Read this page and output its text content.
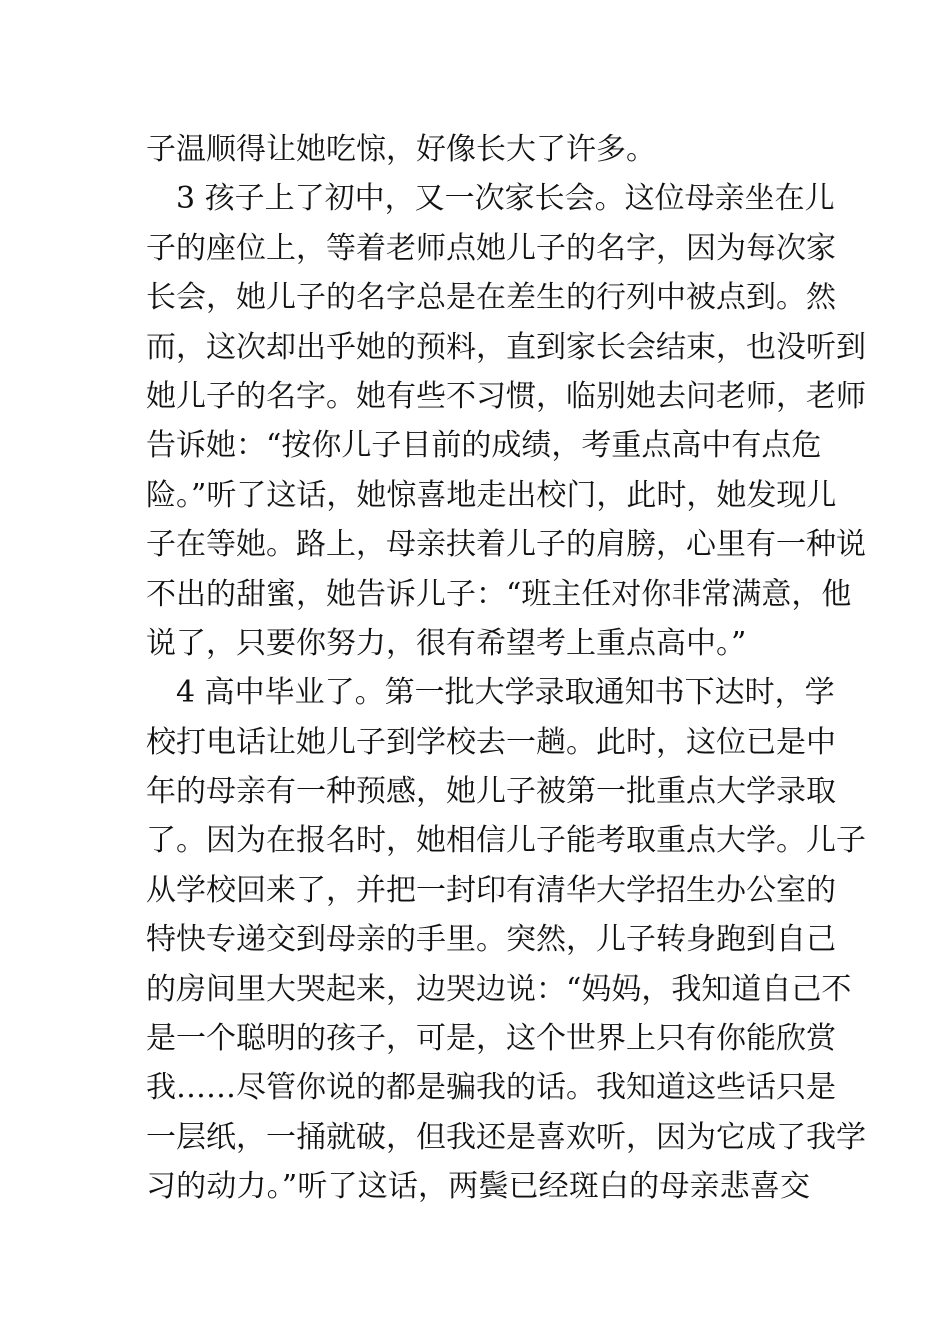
子温顺得让她吃惊，好像长大了许多。
　3 孩子上了初中，又一次家长会。这位母亲坐在儿
子的座位上，等着老师点她儿子的名字，因为每次家
长会，她儿子的名字总是在差生的行列中被点到。然
而，这次却出乎她的预料，直到家长会结束，也没听到
她儿子的名字。她有些不习惯，临别她去问老师，老师
告诉她：“按你儿子目前的成绩，考重点高中有点危
险。”听了这话，她惊喜地走出校门，此时，她发现儿
子在等她。路上，母亲扶着儿子的肩膀，心里有一种说
不出的甜蜜，她告诉儿子：“班主任对你非常满意，他
说了，只要你努力，很有希望考上重点高中。”
　4 高中毕业了。第一批大学录取通知书下达时，学
校打电话让她儿子到学校去一趟。此时，这位已是中
年的母亲有一种预感，她儿子被第一批重点大学录取
了。因为在报名时，她相信儿子能考取重点大学。儿子
从学校回来了，并把一封印有清华大学招生办公室的
特快专递交到母亲的手里。突然，儿子转身跑到自己
的房间里大哭起来，边哭边说：“妈妈，我知道自己不
是一个聪明的孩子，可是，这个世界上只有你能欣赏
我……尽管你说的都是骗我的话。我知道这些话只是
一层纸，一捅就破，但我还是喜欢听，因为它成了我学
习的动力。”听了这话，两鬓已经斑白的母亲悲喜交
